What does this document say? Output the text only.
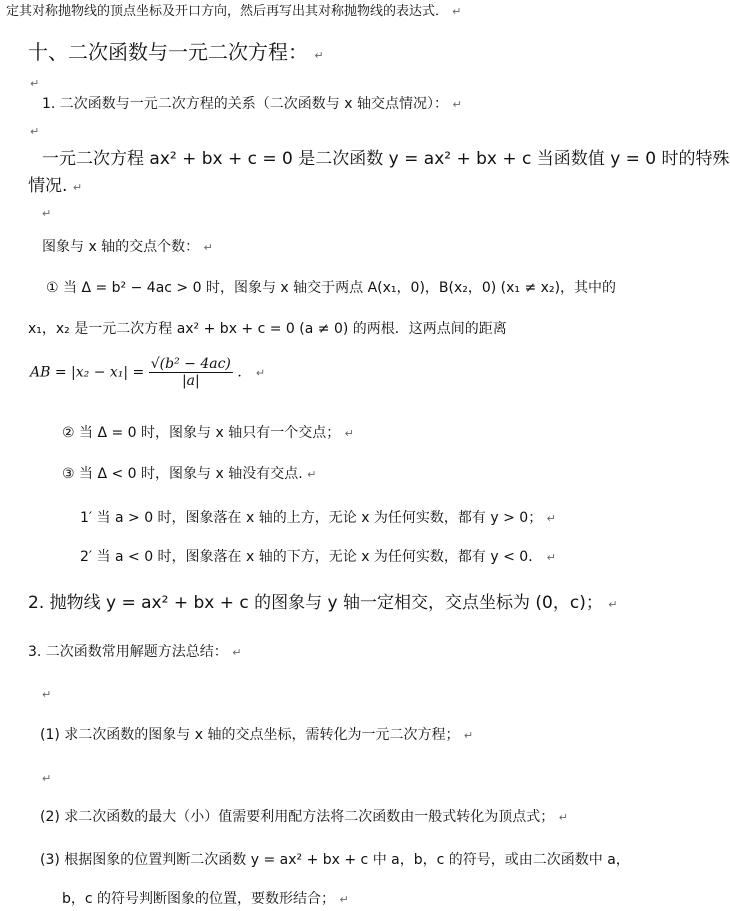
定其对称抛物线的顶点坐标及开口方向，然后再写出其对称抛物线的表达式． ↵
十、二次函数与一元二次方程： ↵
↵
1. 二次函数与一元二次方程的关系（二次函数与 x 轴交点情况）： ↵
↵
一元二次方程 ax² + bx + c = 0 是二次函数 y = ax² + bx + c 当函数值 y = 0 时的特殊
情况. ↵
↵
图象与 x 轴的交点个数： ↵
① 当 Δ = b² − 4ac > 0 时，图象与 x 轴交于两点 A(x₁，0)，B(x₂，0) (x₁ ≠ x₂)，其中的
x₁，x₂ 是一元二次方程 ax² + bx + c = 0 (a ≠ 0) 的两根．这两点间的距离
AB = $|x_2 - x_1| = \frac{\text{√(b² − 4ac)}}{|a|}$ ． ↵
② 当 Δ = 0 时，图象与 x 轴只有一个交点； ↵
③ 当 Δ < 0 时，图象与 x 轴没有交点. ↵
1′ 当 a > 0 时，图象落在 x 轴的上方，无论 x 为任何实数，都有 y > 0； ↵
2′ 当 a < 0 时，图象落在 x 轴的下方，无论 x 为任何实数，都有 y < 0． ↵
2. 抛物线 y = ax² + bx + c 的图象与 y 轴一定相交，交点坐标为 (0，c)； ↵
3. 二次函数常用解题方法总结： ↵
↵
(1) 求二次函数的图象与 x 轴的交点坐标，需转化为一元二次方程； ↵
↵
(2) 求二次函数的最大（小）值需要利用配方法将二次函数由一般式转化为顶点式； ↵
(3) 根据图象的位置判断二次函数 y = ax² + bx + c 中 a，b，c 的符号，或由二次函数中 a，
b，c 的符号判断图象的位置，要数形结合； ↵
